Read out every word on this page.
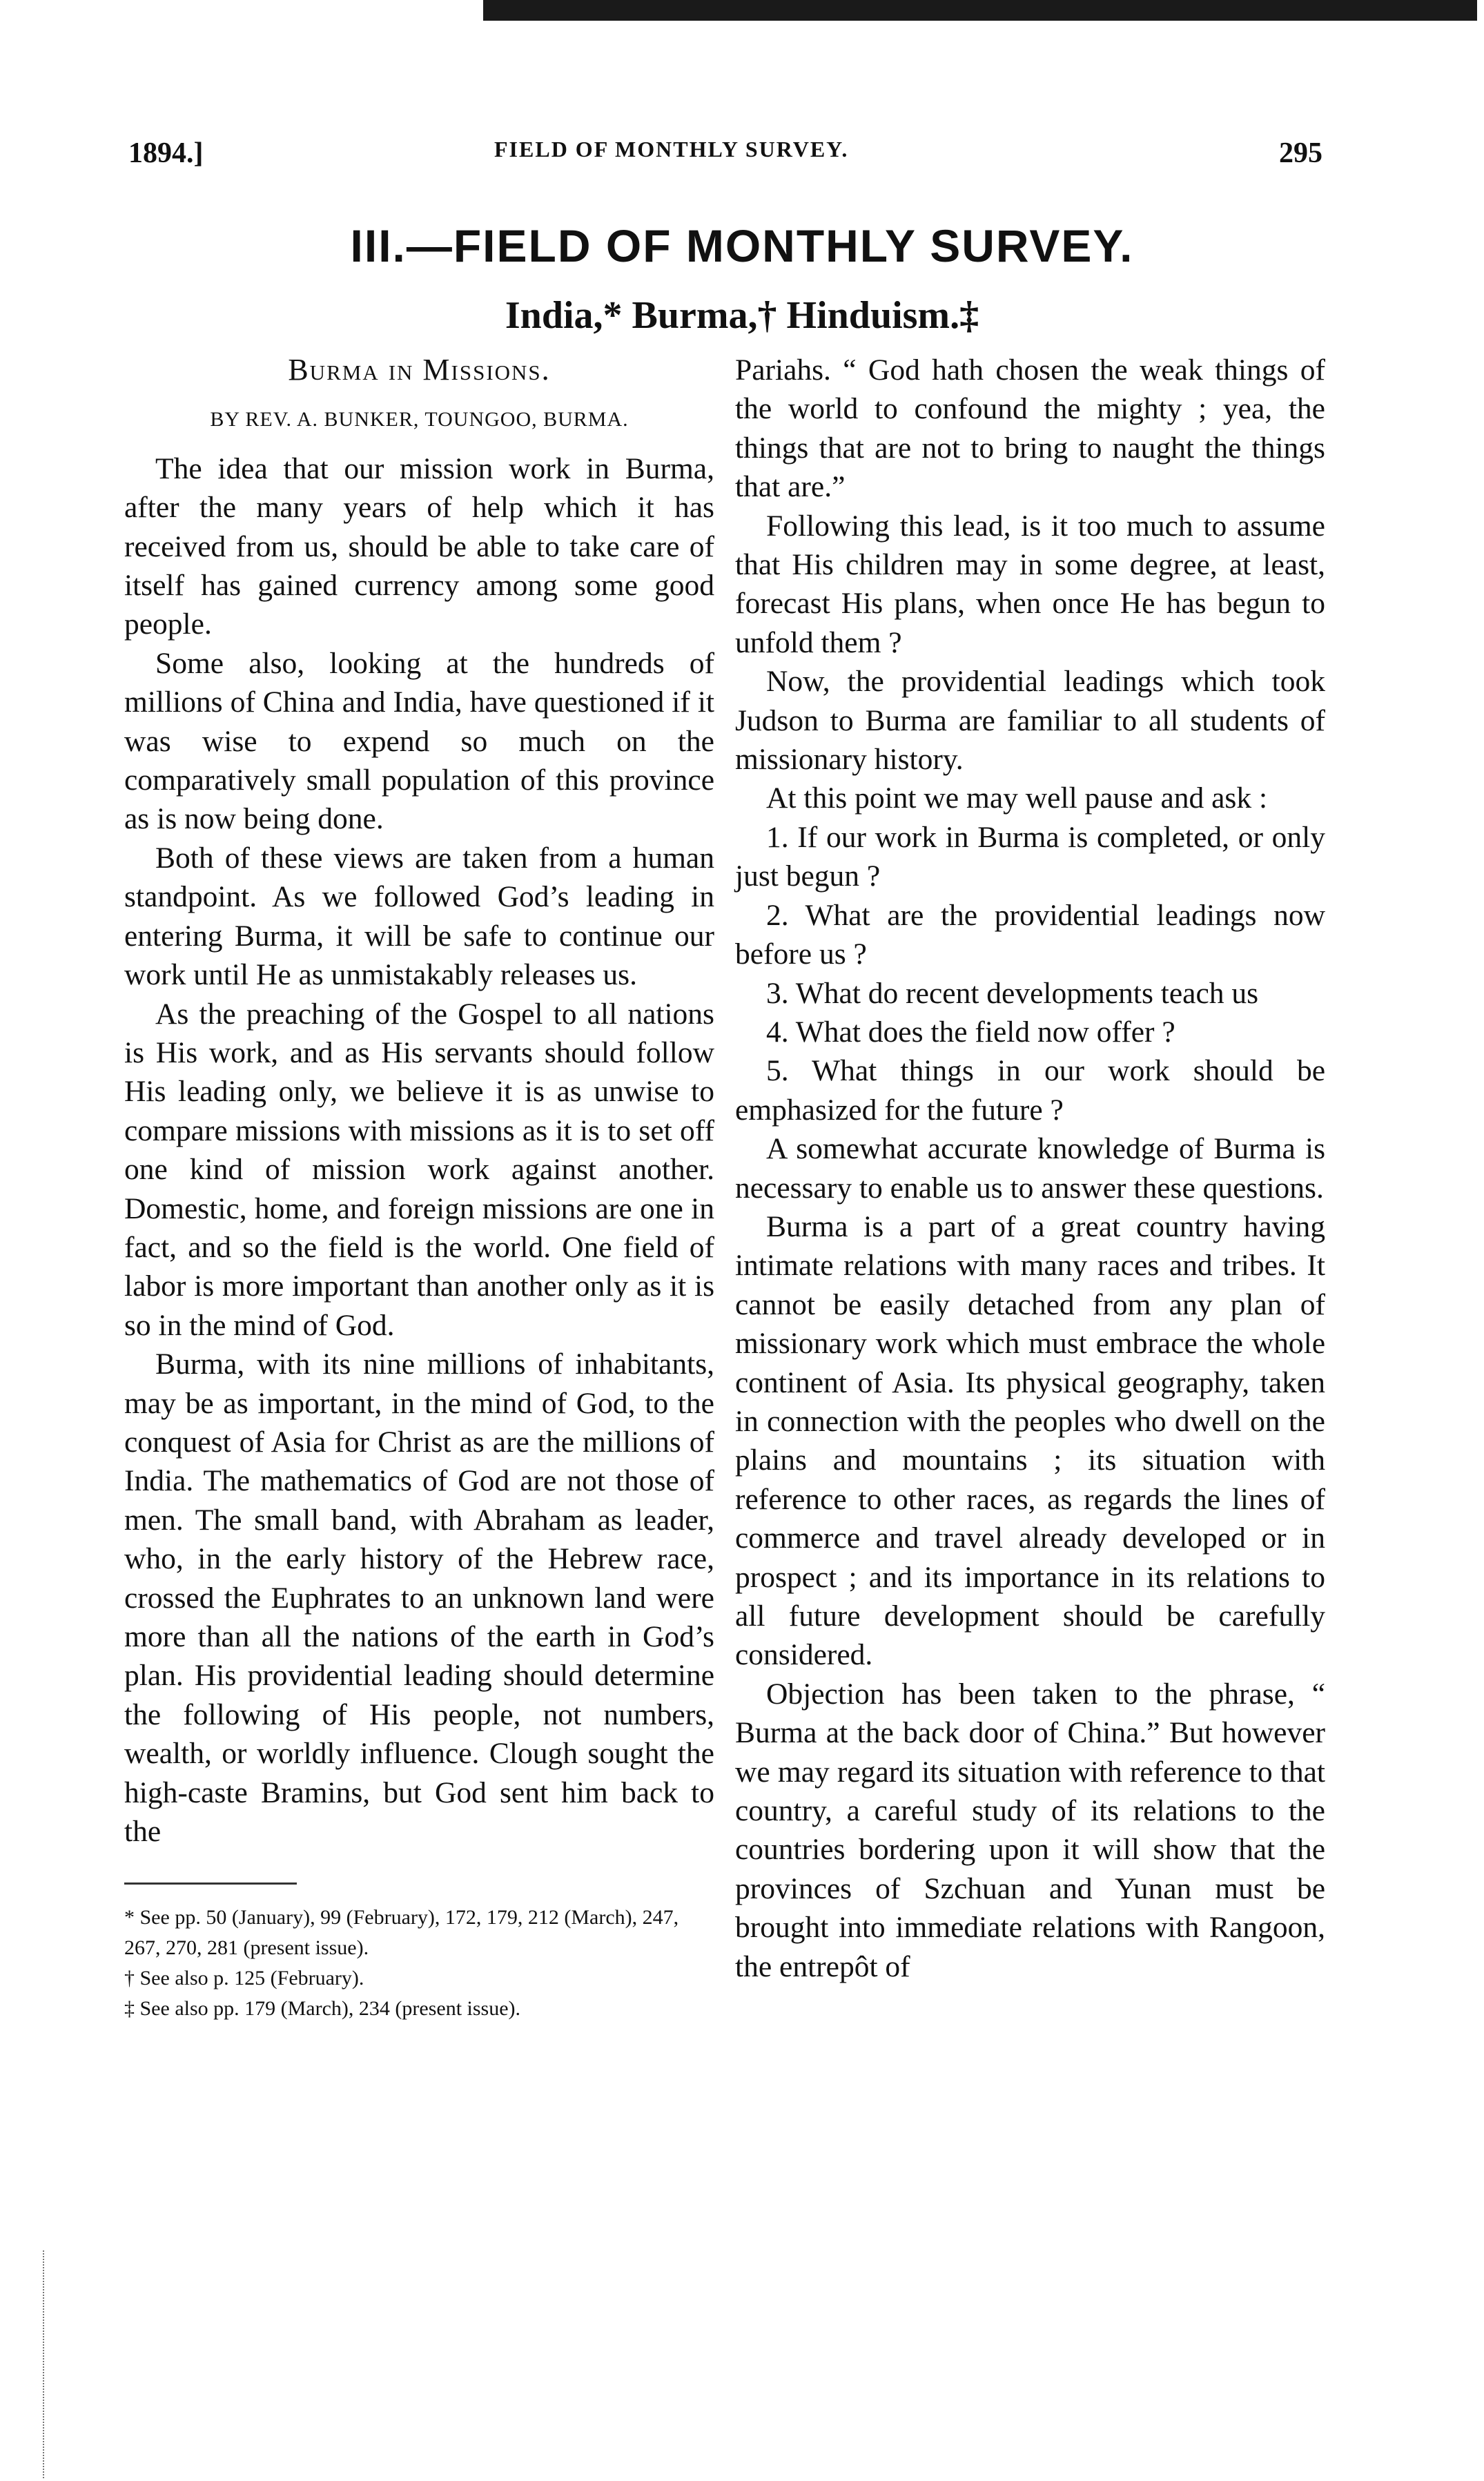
1894.]	FIELD OF MONTHLY SURVEY.	295
III.—FIELD OF MONTHLY SURVEY.
India,* Burma,† Hinduism.‡
Burma in Missions.
BY REV. A. BUNKER, TOUNGOO, BURMA.

The idea that our mission work in Burma, after the many years of help which it has received from us, should be able to take care of itself has gained currency among some good people.

Some also, looking at the hundreds of millions of China and India, have questioned if it was wise to expend so much on the comparatively small population of this province as is now being done.

Both of these views are taken from a human standpoint. As we followed God’s leading in entering Burma, it will be safe to continue our work until He as unmistakably releases us.

As the preaching of the Gospel to all nations is His work, and as His servants should follow His leading only, we believe it is as unwise to compare missions with missions as it is to set off one kind of mission work against another. Domestic, home, and foreign missions are one in fact, and so the field is the world. One field of labor is more important than another only as it is so in the mind of God.

Burma, with its nine millions of inhabitants, may be as important, in the mind of God, to the conquest of Asia for Christ as are the millions of India. The mathematics of God are not those of men. The small band, with Abraham as leader, who, in the early history of the Hebrew race, crossed the Euphrates to an unknown land were more than all the nations of the earth in God’s plan. His providential leading should determine the following of His people, not numbers, wealth, or worldly influence. Clough sought the high-caste Bramins, but God sent him back to the

* See pp. 50 (January), 99 (February), 172, 179, 212 (March), 247, 267, 270, 281 (present issue).
† See also p. 125 (February).
‡ See also pp. 179 (March), 234 (present issue).

Pariahs. “ God hath chosen the weak things of the world to confound the mighty ; yea, the things that are not to bring to naught the things that are.”

Following this lead, is it too much to assume that His children may in some degree, at least, forecast His plans, when once He has begun to unfold them ?

Now, the providential leadings which took Judson to Burma are familiar to all students of missionary history.

At this point we may well pause and ask :

1. If our work in Burma is completed, or only just begun ?

2. What are the providential leadings now before us ?

3. What do recent developments teach us

4. What does the field now offer ?

5. What things in our work should be emphasized for the future ?

A somewhat accurate knowledge of Burma is necessary to enable us to answer these questions.

Burma is a part of a great country having intimate relations with many races and tribes. It cannot be easily detached from any plan of missionary work which must embrace the whole continent of Asia. Its physical geography, taken in connection with the peoples who dwell on the plains and mountains ; its situation with reference to other races, as regards the lines of commerce and travel already developed or in prospect ; and its importance in its relations to all future development should be carefully considered.

Objection has been taken to the phrase, “ Burma at the back door of China.” But however we may regard its situation with reference to that country, a careful study of its relations to the countries bordering upon it will show that the provinces of Szchuan and Yunan must be brought into immediate relations with Rangoon, the entrepôt of
